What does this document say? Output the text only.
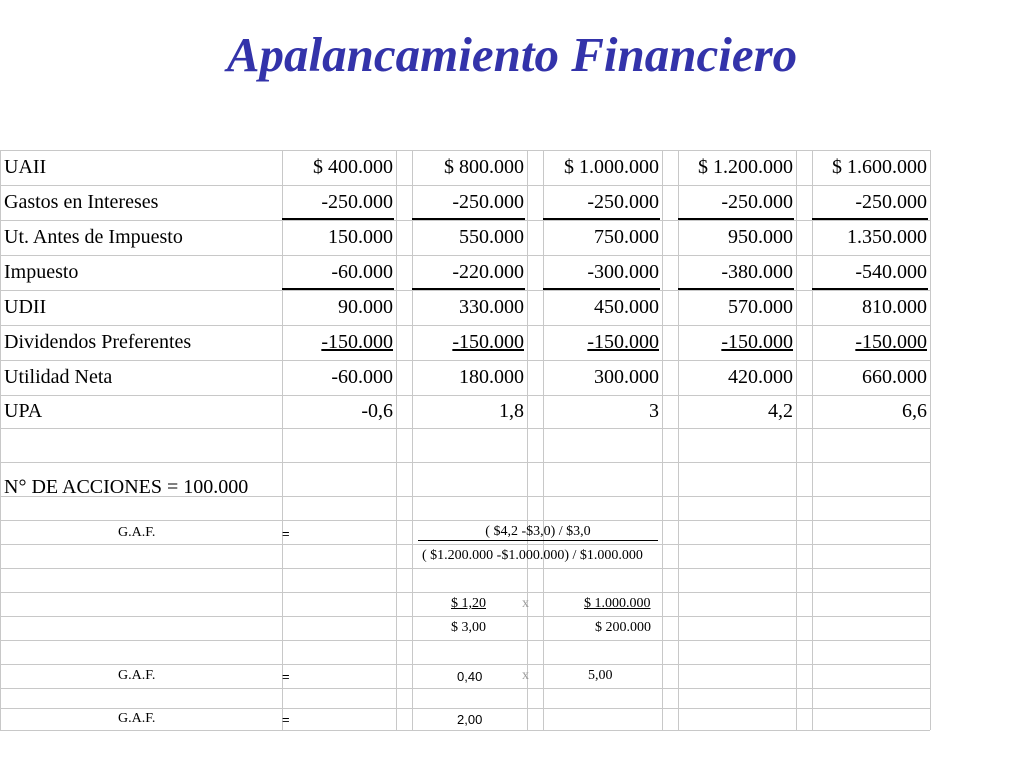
Apalancamiento Financiero
UAII	$ 400.000	$ 800.000	$ 1.000.000	$ 1.200.000	$ 1.600.000
Gastos en Intereses	-250.000	-250.000	-250.000	-250.000	-250.000
Ut. Antes de Impuesto	150.000	550.000	750.000	950.000	1.350.000
Impuesto	-60.000	-220.000	-300.000	-380.000	-540.000
UDII	90.000	330.000	450.000	570.000	810.000
Dividendos Preferentes	-150.000	-150.000	-150.000	-150.000	-150.000
Utilidad Neta	-60.000	180.000	300.000	420.000	660.000
UPA	-0,6	1,8	3	4,2	6,6
N° DE ACCIONES = 100.000
G.A.F.	=	( $4,2 -$3,0) / $3,0
( $1.200.000 -$1.000.000) / $1.000.000
$ 1,20	x	$ 1.000.000
$ 3,00	$ 200.000
G.A.F.	=	0,40	x	5,00
G.A.F.	=	2,00
